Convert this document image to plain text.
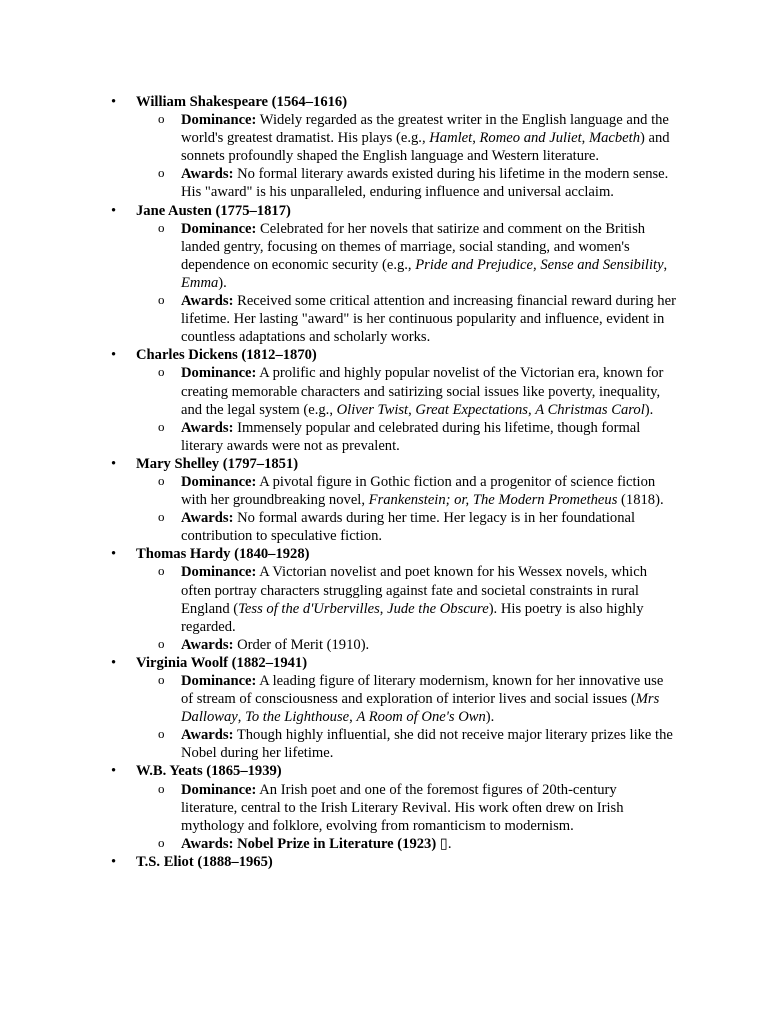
•	William Shakespeare (1564–1616)
o Dominance: Widely regarded as the greatest writer in the English language and the world's greatest dramatist. His plays (e.g., Hamlet, Romeo and Juliet, Macbeth) and sonnets profoundly shaped the English language and Western literature.
o Awards: No formal literary awards existed during his lifetime in the modern sense. His "award" is his unparalleled, enduring influence and universal acclaim.
•	Jane Austen (1775–1817)
o Dominance: Celebrated for her novels that satirize and comment on the British landed gentry, focusing on themes of marriage, social standing, and women's dependence on economic security (e.g., Pride and Prejudice, Sense and Sensibility, Emma).
o Awards: Received some critical attention and increasing financial reward during her lifetime. Her lasting "award" is her continuous popularity and influence, evident in countless adaptations and scholarly works.
•	Charles Dickens (1812–1870)
o Dominance: A prolific and highly popular novelist of the Victorian era, known for creating memorable characters and satirizing social issues like poverty, inequality, and the legal system (e.g., Oliver Twist, Great Expectations, A Christmas Carol).
o Awards: Immensely popular and celebrated during his lifetime, though formal literary awards were not as prevalent.
•	Mary Shelley (1797–1851)
o Dominance: A pivotal figure in Gothic fiction and a progenitor of science fiction with her groundbreaking novel, Frankenstein; or, The Modern Prometheus (1818).
o Awards: No formal awards during her time. Her legacy is in her foundational contribution to speculative fiction.
•	Thomas Hardy (1840–1928)
o Dominance: A Victorian novelist and poet known for his Wessex novels, which often portray characters struggling against fate and societal constraints in rural England (Tess of the d'Urbervilles, Jude the Obscure). His poetry is also highly regarded.
o Awards: Order of Merit (1910).
•	Virginia Woolf (1882–1941)
o Dominance: A leading figure of literary modernism, known for her innovative use of stream of consciousness and exploration of interior lives and social issues (Mrs Dalloway, To the Lighthouse, A Room of One's Own).
o Awards: Though highly influential, she did not receive major literary prizes like the Nobel during her lifetime.
•	W.B. Yeats (1865–1939)
o Dominance: An Irish poet and one of the foremost figures of 20th-century literature, central to the Irish Literary Revival. His work often drew on Irish mythology and folklore, evolving from romanticism to modernism.
o Awards: Nobel Prize in Literature (1923) ▯.
•	T.S. Eliot (1888–1965)
